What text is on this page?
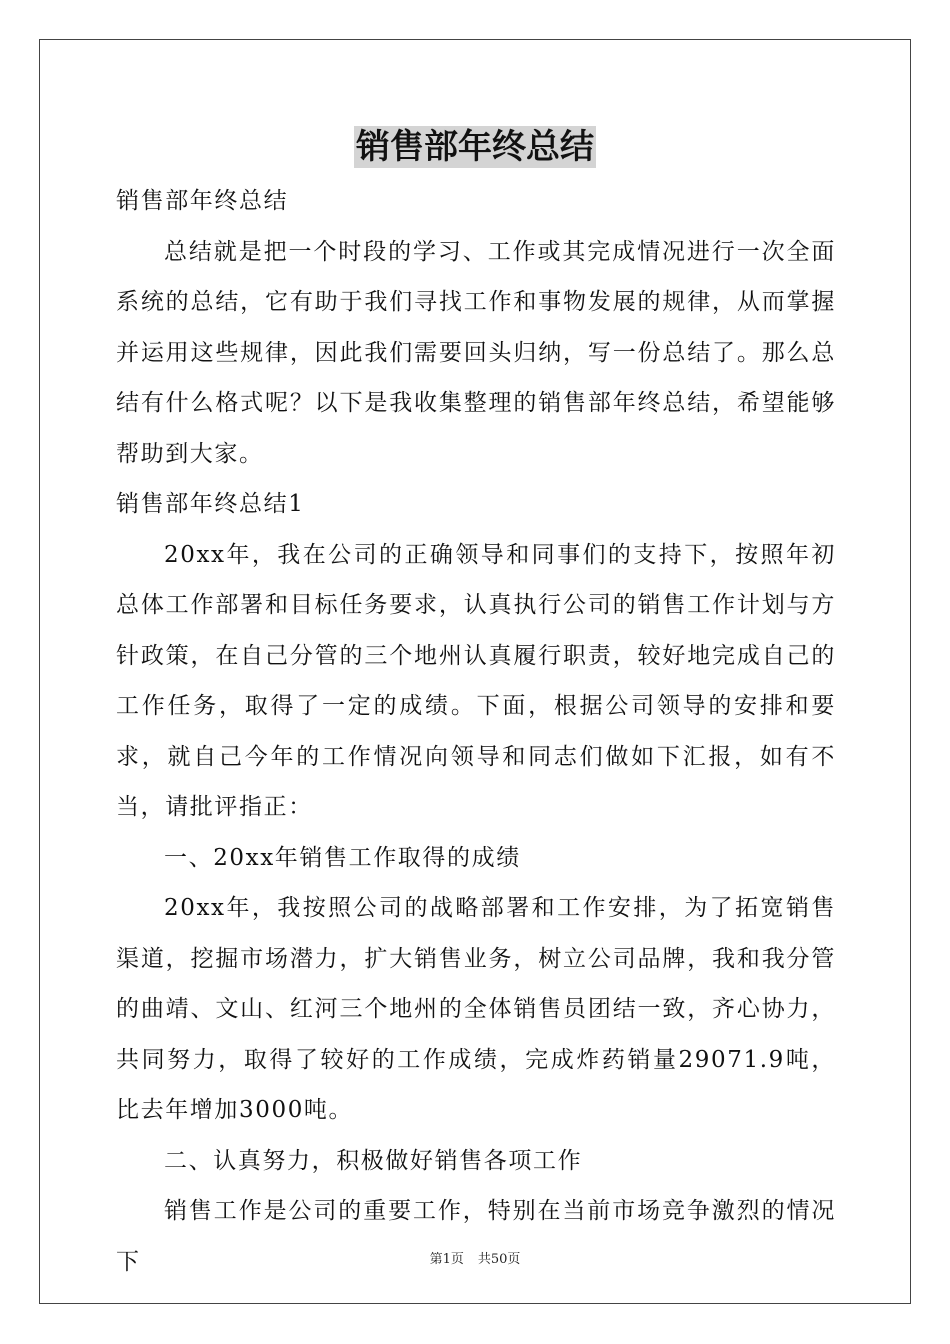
销售部年终总结

销售部年终总结

总结就是把一个时段的学习、工作或其完成情况进行一次全面系统的总结，它有助于我们寻找工作和事物发展的规律，从而掌握并运用这些规律，因此我们需要回头归纳，写一份总结了。那么总结有什么格式呢？以下是我收集整理的销售部年终总结，希望能够帮助到大家。

销售部年终总结1

20xx年，我在公司的正确领导和同事们的支持下，按照年初总体工作部署和目标任务要求，认真执行公司的销售工作计划与方针政策，在自己分管的三个地州认真履行职责，较好地完成自己的工作任务，取得了一定的成绩。下面，根据公司领导的安排和要求，就自己今年的工作情况向领导和同志们做如下汇报，如有不当，请批评指正：

一、20xx年销售工作取得的成绩

20xx年，我按照公司的战略部署和工作安排，为了拓宽销售渠道，挖掘市场潜力，扩大销售业务，树立公司品牌，我和我分管的曲靖、文山、红河三个地州的全体销售员团结一致，齐心协力，共同努力，取得了较好的工作成绩，完成炸药销量29071.9吨，比去年增加3000吨。

二、认真努力，积极做好销售各项工作

销售工作是公司的重要工作，特别在当前市场竞争激烈的情况下	第1页 共50页
